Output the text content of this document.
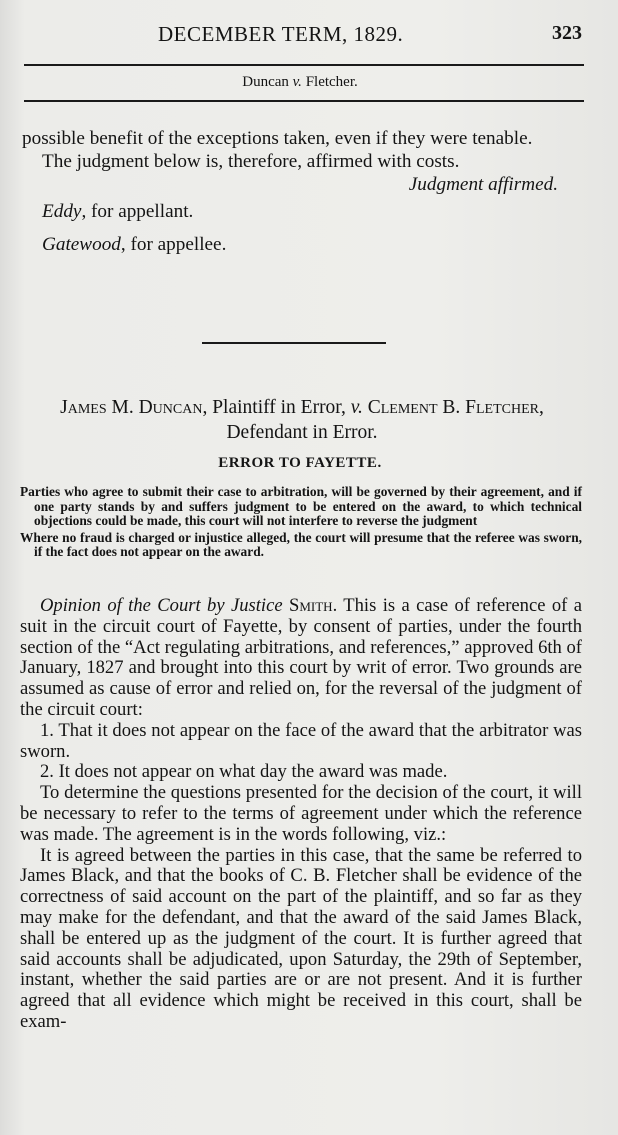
DECEMBER TERM, 1829.	323
Duncan v. Fletcher.

possible benefit of the exceptions taken, even if they were tenable.

The judgment below is, therefore, affirmed with costs.

Judgment affirmed.

Eddy, for appellant.

Gatewood, for appellee.

James M. Duncan, Plaintiff in Error, v. Clement B. Fletcher, Defendant in Error.
ERROR TO FAYETTE.

Parties who agree to submit their case to arbitration, will be governed by their agreement, and if one party stands by and suffers judgment to be entered on the award, to which technical objections could be made, this court will not interfere to reverse the judgment

Where no fraud is charged or injustice alleged, the court will presume that the referee was sworn, if the fact does not appear on the award.

Opinion of the Court by Justice Smith. This is a case of reference of a suit in the circuit court of Fayette, by consent of parties, under the fourth section of the “Act regulating arbitrations, and references,” approved 6th of January, 1827 and brought into this court by writ of error. Two grounds are assumed as cause of error and relied on, for the reversal of the judgment of the circuit court:

1. That it does not appear on the face of the award that the arbitrator was sworn.

2. It does not appear on what day the award was made.

To determine the questions presented for the decision of the court, it will be necessary to refer to the terms of agreement under which the reference was made. The agreement is in the words following, viz.:

It is agreed between the parties in this case, that the same be referred to James Black, and that the books of C. B. Fletcher shall be evidence of the correctness of said account on the part of the plaintiff, and so far as they may make for the defendant, and that the award of the said James Black, shall be entered up as the judgment of the court. It is further agreed that said accounts shall be adjudicated, upon Saturday, the 29th of September, instant, whether the said parties are or are not present. And it is further agreed that all evidence which might be received in this court, shall be exam-
